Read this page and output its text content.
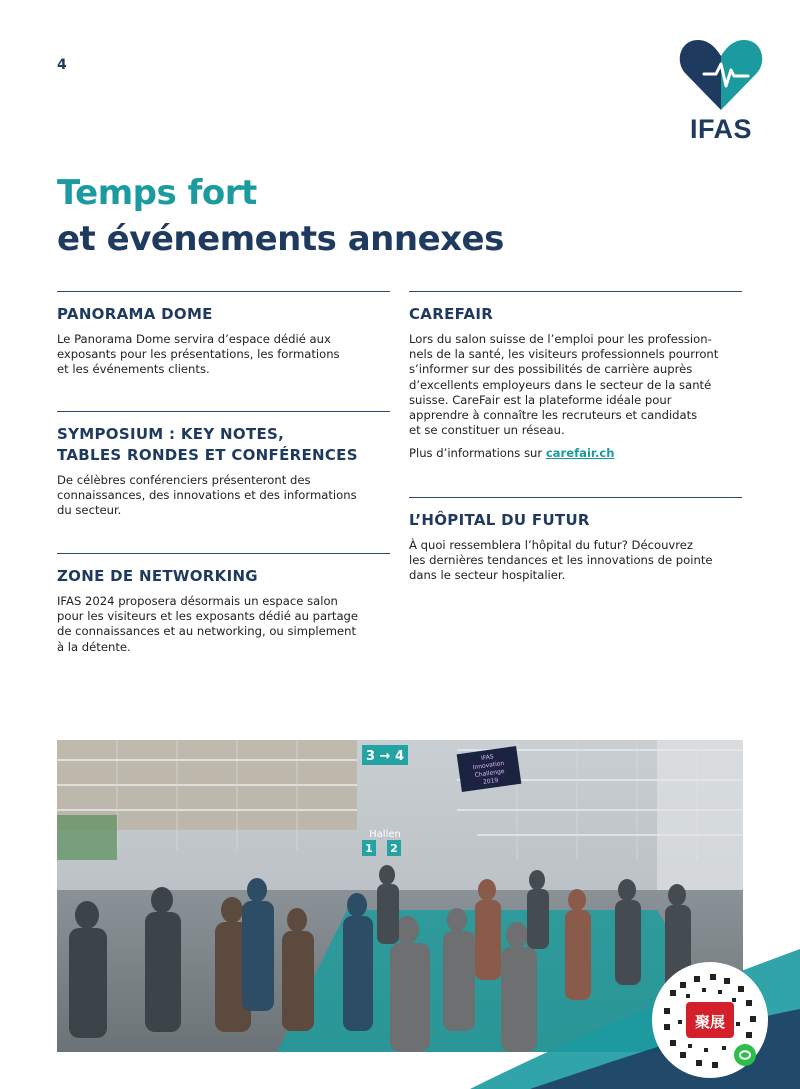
4
IFAS
Temps fort
et événements annexes
PANORAMA DOME

Le Panorama Dome servira d’espace dédié aux
exposants pour les présentations, les formations
et les événements clients.

SYMPOSIUM : KEY NOTES,
TABLES RONDES ET CONFÉRENCES

De célèbres conférenciers présenteront des
connaissances, des innovations et des informations
du secteur.

ZONE DE NETWORKING

IFAS 2024 proposera désormais un espace salon
pour les visiteurs et les exposants dédié au partage
de connaissances et au networking, ou simplement
à la détente.

CAREFAIR

Lors du salon suisse de l’emploi pour les profession-
nels de la santé, les visiteurs professionnels pourront
s’informer sur des possibilités de carrière auprès
d’excellents employeurs dans le secteur de la santé
suisse. CareFair est la plateforme idéale pour
apprendre à connaître les recruteurs et candidats
et se constituer un réseau.

Plus d’informations sur carefair.ch

L’HÔPITAL DU FUTUR

À quoi ressemblera l’hôpital du futur? Découvrez
les dernières tendances et les innovations de pointe
dans le secteur hospitalier.

3 → 4
Hallen
1 2
IFAS
Innovation
Challenge
2019
聚展
